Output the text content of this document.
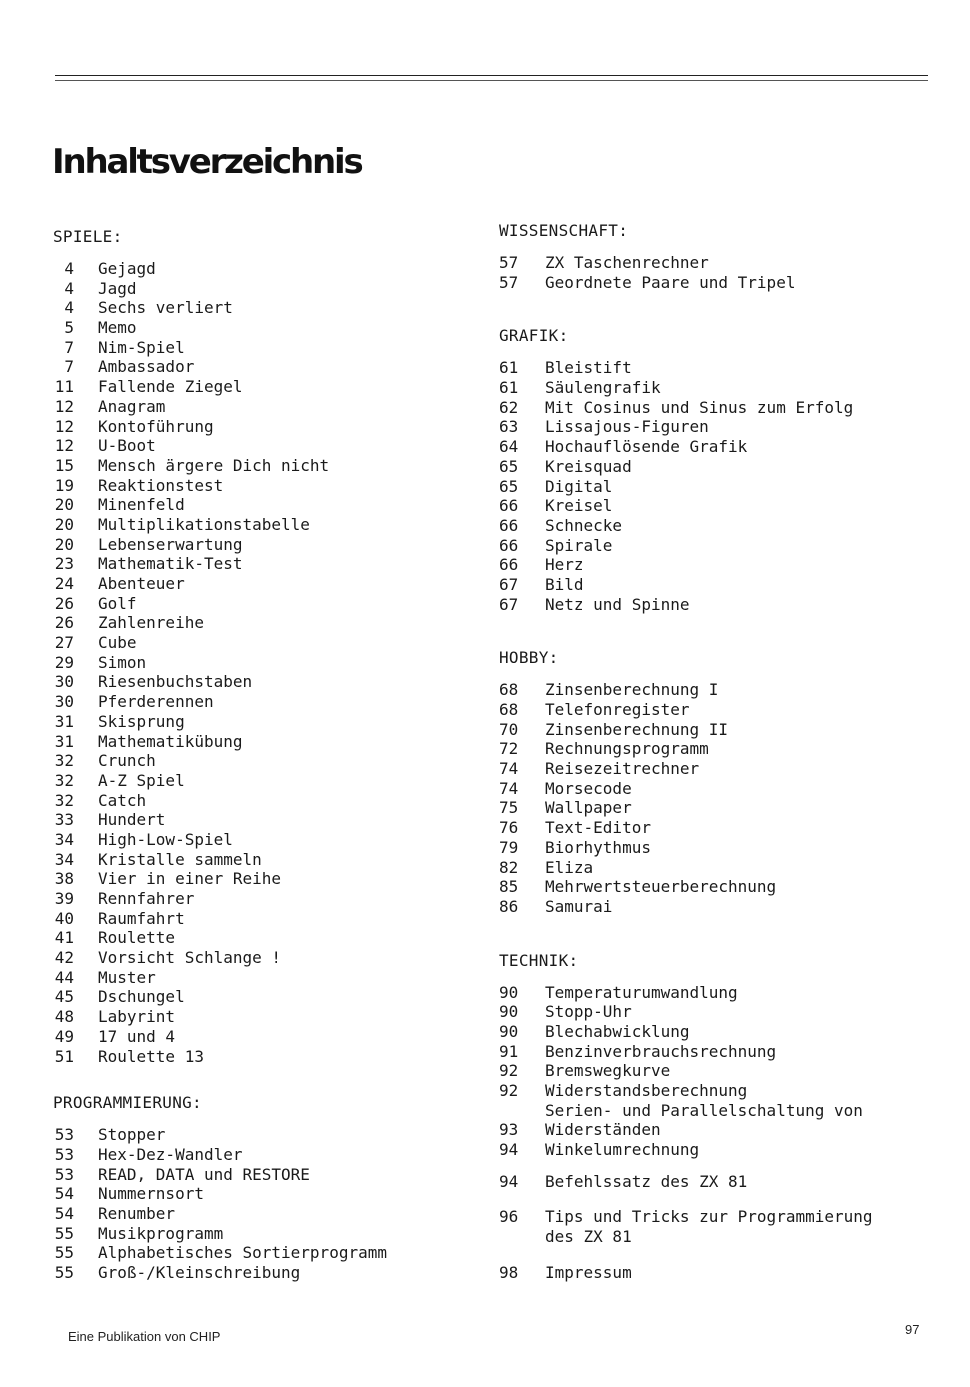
Inhaltsverzeichnis
SPIELE:
4 Gejagd
4 Jagd
4 Sechs verliert
5 Memo
7 Nim-Spiel
7 Ambassador
11 Fallende Ziegel
12 Anagram
12 Kontoführung
12 U-Boot
15 Mensch ärgere Dich nicht
19 Reaktionstest
20 Minenfeld
20 Multiplikationstabelle
20 Lebenserwartung
23 Mathematik-Test
24 Abenteuer
26 Golf
26 Zahlenreihe
27 Cube
29 Simon
30 Riesenbuchstaben
30 Pferderennen
31 Skisprung
31 Mathematikübung
32 Crunch
32 A-Z Spiel
32 Catch
33 Hundert
34 High-Low-Spiel
34 Kristalle sammeln
38 Vier in einer Reihe
39 Rennfahrer
40 Raumfahrt
41 Roulette
42 Vorsicht Schlange !
44 Muster
45 Dschungel
48 Labyrint
49 17 und 4
51 Roulette 13
PROGRAMMIERUNG:
53 Stopper
53 Hex-Dez-Wandler
53 READ, DATA und RESTORE
54 Nummernsort
54 Renumber
55 Musikprogramm
55 Alphabetisches Sortierprogramm
55 Groß-/Kleinschreibung
WISSENSCHAFT:
57 ZX Taschenrechner
57 Geordnete Paare und Tripel
GRAFIK:
61 Bleistift
61 Säulengrafik
62 Mit Cosinus und Sinus zum Erfolg
63 Lissajous-Figuren
64 Hochauflösende Grafik
65 Kreisquad
65 Digital
66 Kreisel
66 Schnecke
66 Spirale
66 Herz
67 Bild
67 Netz und Spinne
HOBBY:
68 Zinsenberechnung I
68 Telefonregister
70 Zinsenberechnung II
72 Rechnungsprogramm
74 Reisezeitrechner
74 Morsecode
75 Wallpaper
76 Text-Editor
79 Biorhythmus
82 Eliza
85 Mehrwertsteuerberechnung
86 Samurai
TECHNIK:
90 Temperaturumwandlung
90 Stopp-Uhr
90 Blechabwicklung
91 Benzinverbrauchsrechnung
92 Bremswegkurve
92 Widerstandsberechnung
Serien- und Parallelschaltung von
93 Widerständen
94 Winkelumrechnung
94 Befehlssatz des ZX 81
96 Tips und Tricks zur Programmierung
des ZX 81
98 Impressum
Eine Publikation von CHIP	97
